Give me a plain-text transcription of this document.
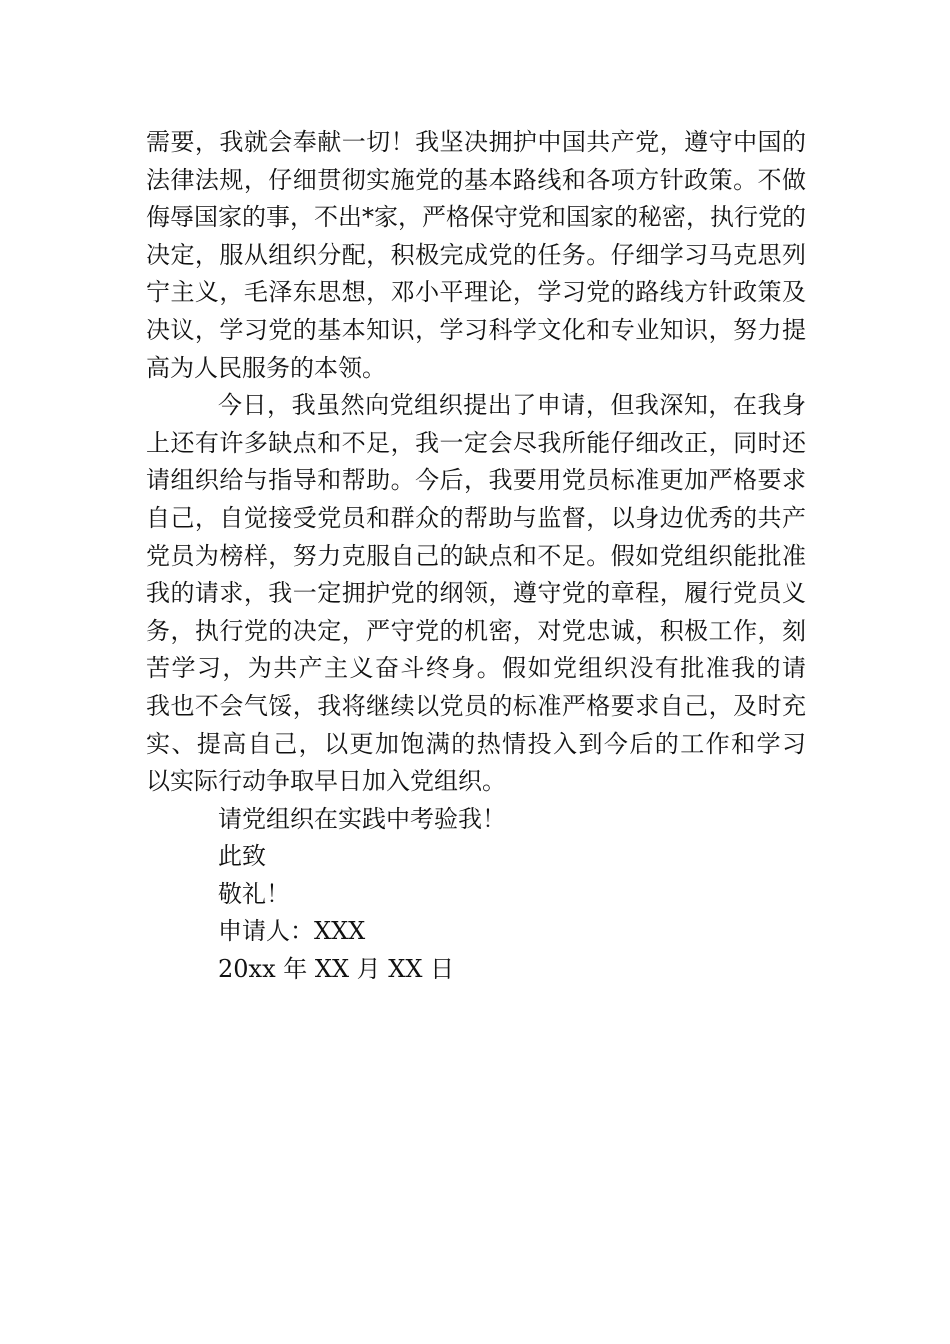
需要，我就会奉献一切！我坚决拥护中国共产党，遵守中国的
法律法规，仔细贯彻实施党的基本路线和各项方针政策。不做
侮辱国家的事，不出*家，严格保守党和国家的秘密，执行党的
决定，服从组织分配，积极完成党的任务。仔细学习马克思列
宁主义，毛泽东思想，邓小平理论，学习党的路线方针政策及
决议，学习党的基本知识，学习科学文化和专业知识，努力提
高为人民服务的本领。
今日，我虽然向党组织提出了申请，但我深知，在我身
上还有许多缺点和不足，我一定会尽我所能仔细改正，同时还
请组织给与指导和帮助。今后，我要用党员标准更加严格要求
自己，自觉接受党员和群众的帮助与监督，以身边优秀的共产
党员为榜样，努力克服自己的缺点和不足。假如党组织能批准
我的请求，我一定拥护党的纲领，遵守党的章程，履行党员义
务，执行党的决定，严守党的机密，对党忠诚，积极工作，刻
苦学习，为共产主义奋斗终身。假如党组织没有批准我的请
我也不会气馁，我将继续以党员的标准严格要求自己，及时充
实、提高自己，以更加饱满的热情投入到今后的工作和学习
以实际行动争取早日加入党组织。
请党组织在实践中考验我！
此致
敬礼！
申请人：XXX
20xx 年 XX 月 XX 日
